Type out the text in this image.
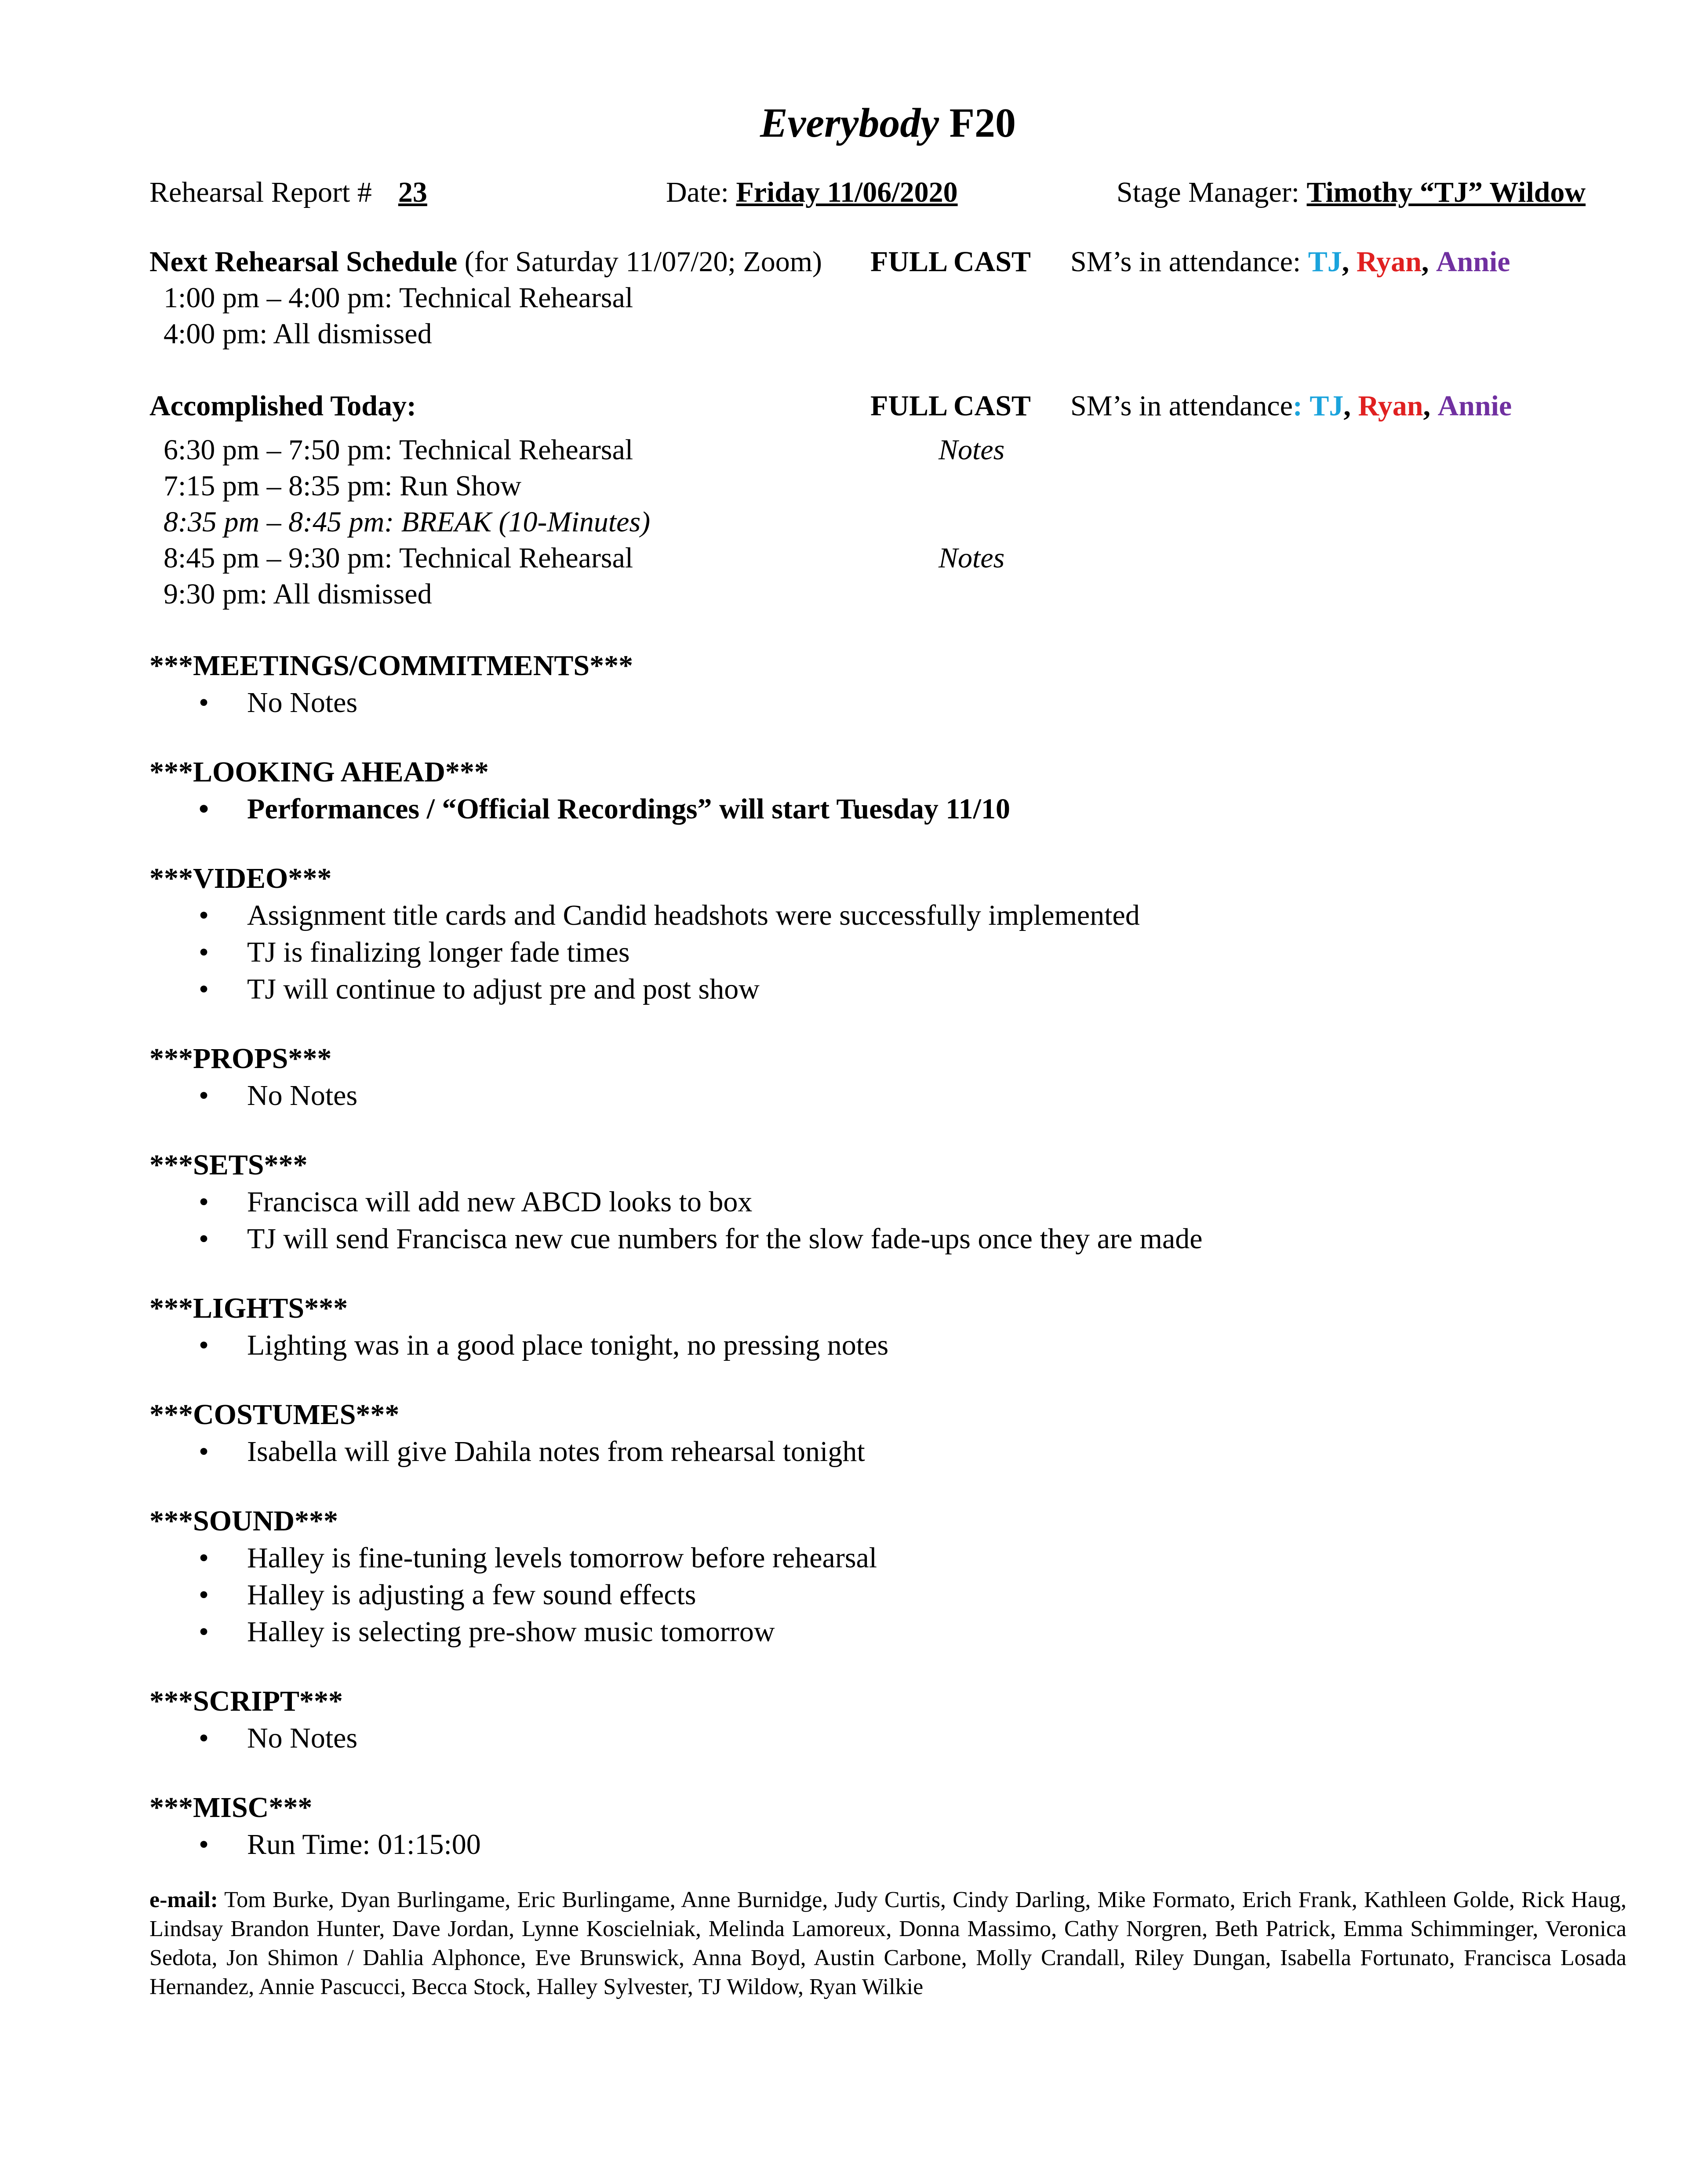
Everybody F20
Rehearsal Report # 23	Date: Friday 11/06/2020	Stage Manager: Timothy “TJ” Wildow
Next Rehearsal Schedule (for Saturday 11/07/20; Zoom) FULL CAST SM’s in attendance: TJ, Ryan, Annie
1:00 pm – 4:00 pm: Technical Rehearsal
4:00 pm: All dismissed
Accomplished Today:	FULL CAST SM’s in attendance: TJ, Ryan, Annie
6:30 pm – 7:50 pm: Technical Rehearsal	Notes
7:15 pm – 8:35 pm: Run Show
8:35 pm – 8:45 pm: BREAK (10-Minutes)
8:45 pm – 9:30 pm: Technical Rehearsal	Notes
9:30 pm: All dismissed
***MEETINGS/COMMITMENTS***
• No Notes
***LOOKING AHEAD***
• Performances / “Official Recordings” will start Tuesday 11/10
***VIDEO***
• Assignment title cards and Candid headshots were successfully implemented
• TJ is finalizing longer fade times
• TJ will continue to adjust pre and post show
***PROPS***
• No Notes
***SETS***
• Francisca will add new ABCD looks to box
• TJ will send Francisca new cue numbers for the slow fade-ups once they are made
***LIGHTS***
• Lighting was in a good place tonight, no pressing notes
***COSTUMES***
• Isabella will give Dahila notes from rehearsal tonight
***SOUND***
• Halley is fine-tuning levels tomorrow before rehearsal
• Halley is adjusting a few sound effects
• Halley is selecting pre-show music tomorrow
***SCRIPT***
• No Notes
***MISC***
• Run Time: 01:15:00
e-mail: Tom Burke, Dyan Burlingame, Eric Burlingame, Anne Burnidge, Judy Curtis, Cindy Darling, Mike Formato, Erich Frank, Kathleen Golde, Rick Haug, Lindsay Brandon Hunter, Dave Jordan, Lynne Koscielniak, Melinda Lamoreux, Donna Massimo, Cathy Norgren, Beth Patrick, Emma Schimminger, Veronica Sedota, Jon Shimon / Dahlia Alphonce, Eve Brunswick, Anna Boyd, Austin Carbone, Molly Crandall, Riley Dungan, Isabella Fortunato, Francisca Losada Hernandez, Annie Pascucci, Becca Stock, Halley Sylvester, TJ Wildow, Ryan Wilkie
